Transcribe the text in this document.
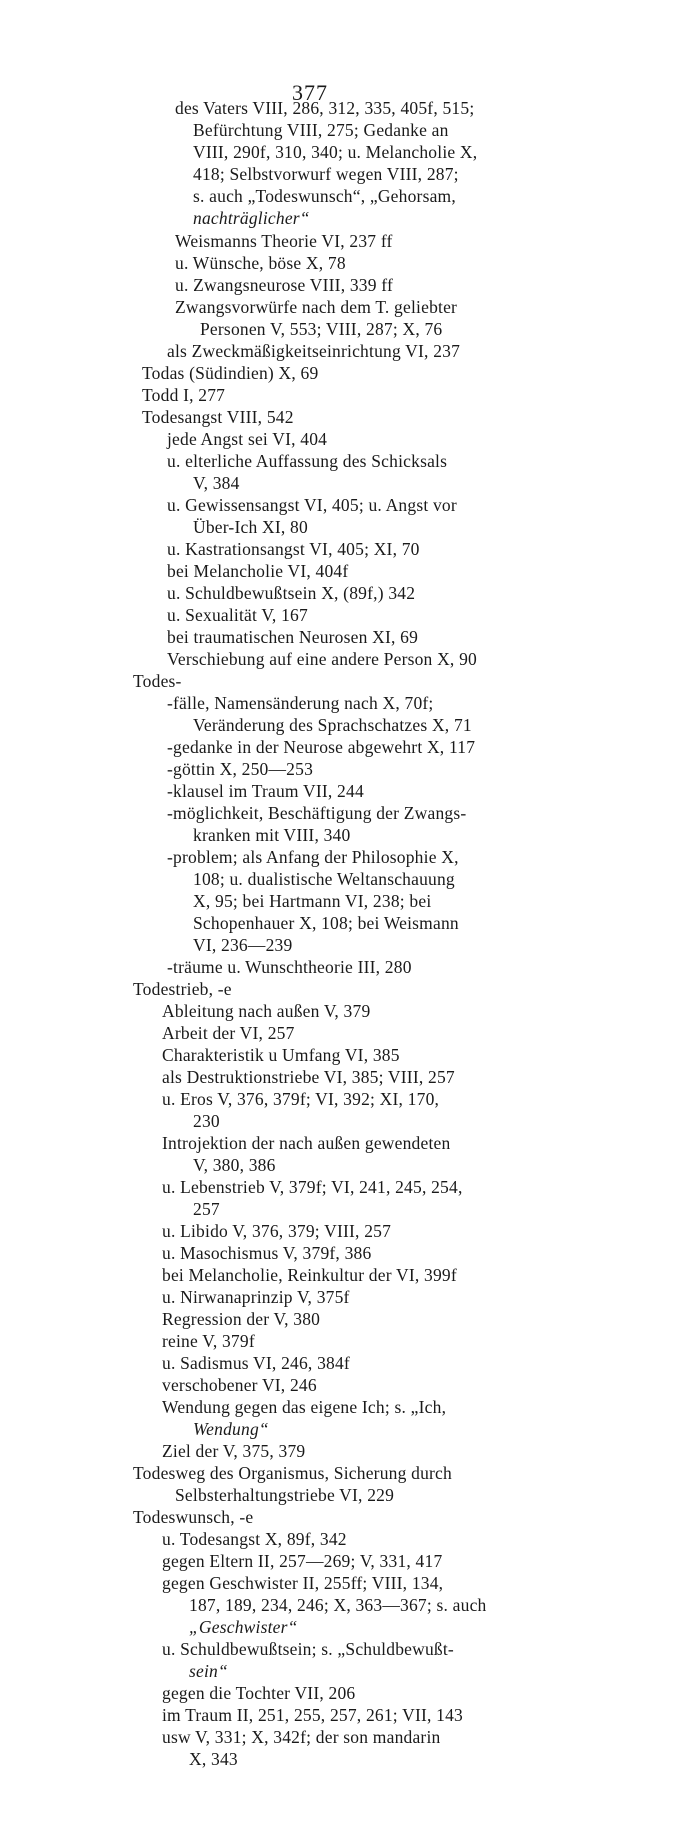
377
des Vaters VIII, 286, 312, 335, 405f, 515;
Befürchtung VIII, 275; Gedanke an
VIII, 290f, 310, 340; u. Melancholie X,
418; Selbstvorwurf wegen VIII, 287;
s. auch „Todeswunsch“, „Gehorsam,
nachträglicher“
Weismanns Theorie VI, 237 ff
u. Wünsche, böse X, 78
u. Zwangsneurose VIII, 339 ff
Zwangsvorwürfe nach dem T. geliebter
Personen V, 553; VIII, 287; X, 76
als Zweckmäßigkeitseinrichtung VI, 237
Todas (Südindien) X, 69
Todd I, 277
Todesangst VIII, 542
jede Angst sei VI, 404
u. elterliche Auffassung des Schicksals
V, 384
u. Gewissensangst VI, 405; u. Angst vor
Über-Ich XI, 80
u. Kastrationsangst VI, 405; XI, 70
bei Melancholie VI, 404f
u. Schuldbewußtsein X, (89f,) 342
u. Sexualität V, 167
bei traumatischen Neurosen XI, 69
Verschiebung auf eine andere Person X, 90
Todes-
-fälle, Namensänderung nach X, 70f;
Veränderung des Sprachschatzes X, 71
-gedanke in der Neurose abgewehrt X, 117
-göttin X, 250—253
-klausel im Traum VII, 244
-möglichkeit, Beschäftigung der Zwangs-
kranken mit VIII, 340
-problem; als Anfang der Philosophie X,
108; u. dualistische Weltanschauung
X, 95; bei Hartmann VI, 238; bei
Schopenhauer X, 108; bei Weismann
VI, 236—239
-träume u. Wunschtheorie III, 280
Todestrieb, -e
Ableitung nach außen V, 379
Arbeit der VI, 257
Charakteristik u Umfang VI, 385
als Destruktionstriebe VI, 385; VIII, 257
u. Eros V, 376, 379f; VI, 392; XI, 170,
230
Introjektion der nach außen gewendeten
V, 380, 386
u. Lebenstrieb V, 379f; VI, 241, 245, 254,
257
u. Libido V, 376, 379; VIII, 257
u. Masochismus V, 379f, 386
bei Melancholie, Reinkultur der VI, 399f
u. Nirwanaprinzip V, 375f
Regression der V, 380
reine V, 379f
u. Sadismus VI, 246, 384f
verschobener VI, 246
Wendung gegen das eigene Ich; s. „Ich,
Wendung“
Ziel der V, 375, 379
Todesweg des Organismus, Sicherung durch
Selbsterhaltungstriebe VI, 229
Todeswunsch, -e
u. Todesangst X, 89f, 342
gegen Eltern II, 257—269; V, 331, 417
gegen Geschwister II, 255ff; VIII, 134,
187, 189, 234, 246; X, 363—367; s. auch
„Geschwister“
u. Schuldbewußtsein; s. „Schuldbewußt-
sein“
gegen die Tochter VII, 206
im Traum II, 251, 255, 257, 261; VII, 143
usw V, 331; X, 342f; der son mandarin
X, 343
